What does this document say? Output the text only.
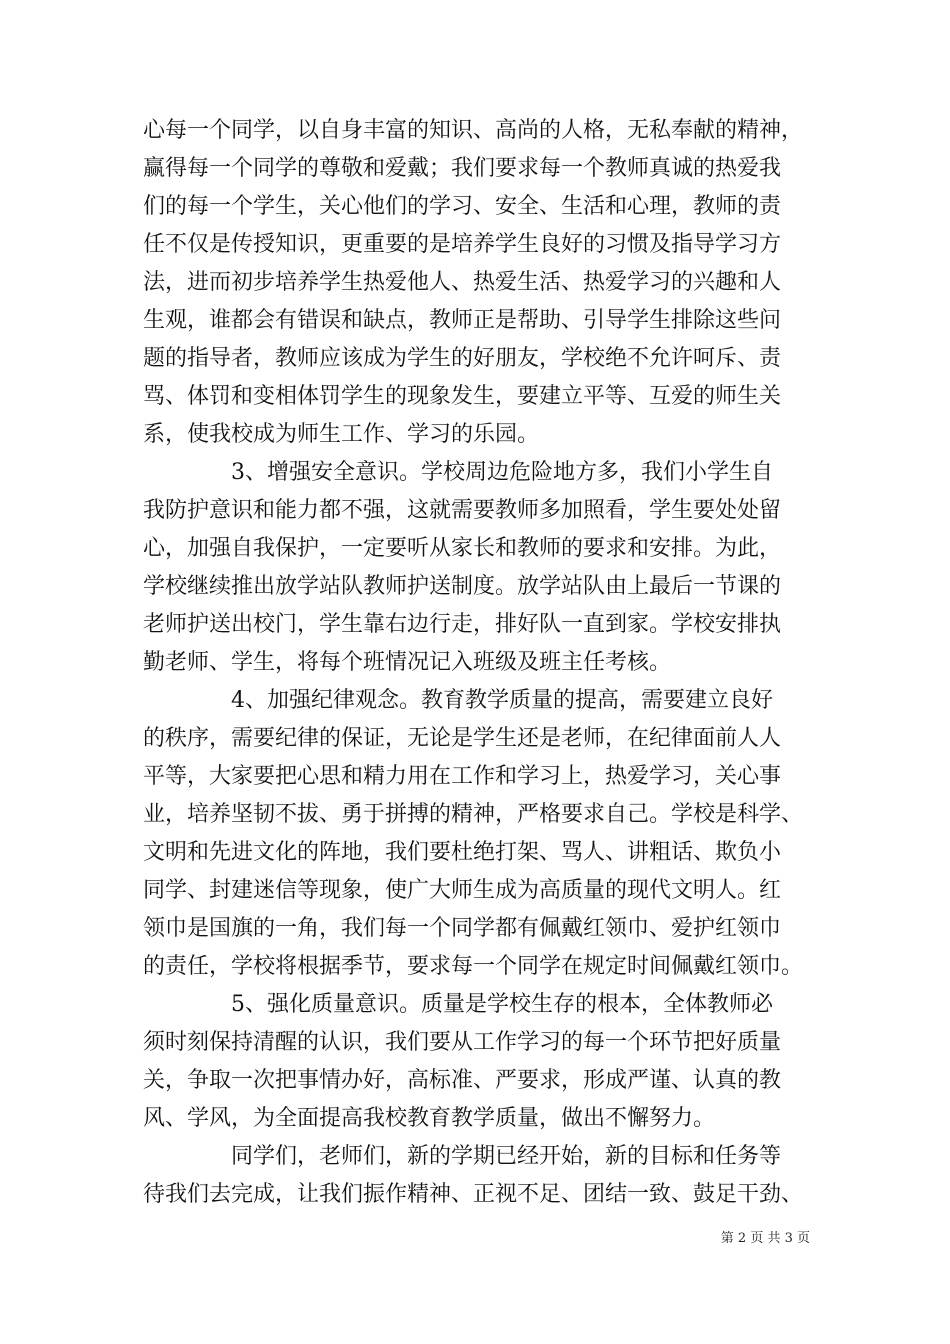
心每一个同学，以自身丰富的知识、高尚的人格，无私奉献的精神，
赢得每一个同学的尊敬和爱戴；我们要求每一个教师真诚的热爱我
们的每一个学生，关心他们的学习、安全、生活和心理，教师的责
任不仅是传授知识，更重要的是培养学生良好的习惯及指导学习方
法，进而初步培养学生热爱他人、热爱生活、热爱学习的兴趣和人
生观，谁都会有错误和缺点，教师正是帮助、引导学生排除这些问
题的指导者，教师应该成为学生的好朋友，学校绝不允许呵斥、责
骂、体罚和变相体罚学生的现象发生，要建立平等、互爱的师生关
系，使我校成为师生工作、学习的乐园。
　　　　3、增强安全意识。学校周边危险地方多，我们小学生自
我防护意识和能力都不强，这就需要教师多加照看，学生要处处留
心，加强自我保护，一定要听从家长和教师的要求和安排。为此，
学校继续推出放学站队教师护送制度。放学站队由上最后一节课的
老师护送出校门，学生靠右边行走，排好队一直到家。学校安排执
勤老师、学生，将每个班情况记入班级及班主任考核。
　　　　4、加强纪律观念。教育教学质量的提高，需要建立良好
的秩序，需要纪律的保证，无论是学生还是老师，在纪律面前人人
平等，大家要把心思和精力用在工作和学习上，热爱学习，关心事
业，培养坚韧不拔、勇于拼搏的精神，严格要求自己。学校是科学、
文明和先进文化的阵地，我们要杜绝打架、骂人、讲粗话、欺负小
同学、封建迷信等现象，使广大师生成为高质量的现代文明人。红
领巾是国旗的一角，我们每一个同学都有佩戴红领巾、爱护红领巾
的责任，学校将根据季节，要求每一个同学在规定时间佩戴红领巾。
　　　　5、强化质量意识。质量是学校生存的根本，全体教师必
须时刻保持清醒的认识，我们要从工作学习的每一个环节把好质量
关，争取一次把事情办好，高标准、严要求，形成严谨、认真的教
风、学风，为全面提高我校教育教学质量，做出不懈努力。
　　　　同学们，老师们，新的学期已经开始，新的目标和任务等
待我们去完成，让我们振作精神、正视不足、团结一致、鼓足干劲、
第 2 页 共 3 页
